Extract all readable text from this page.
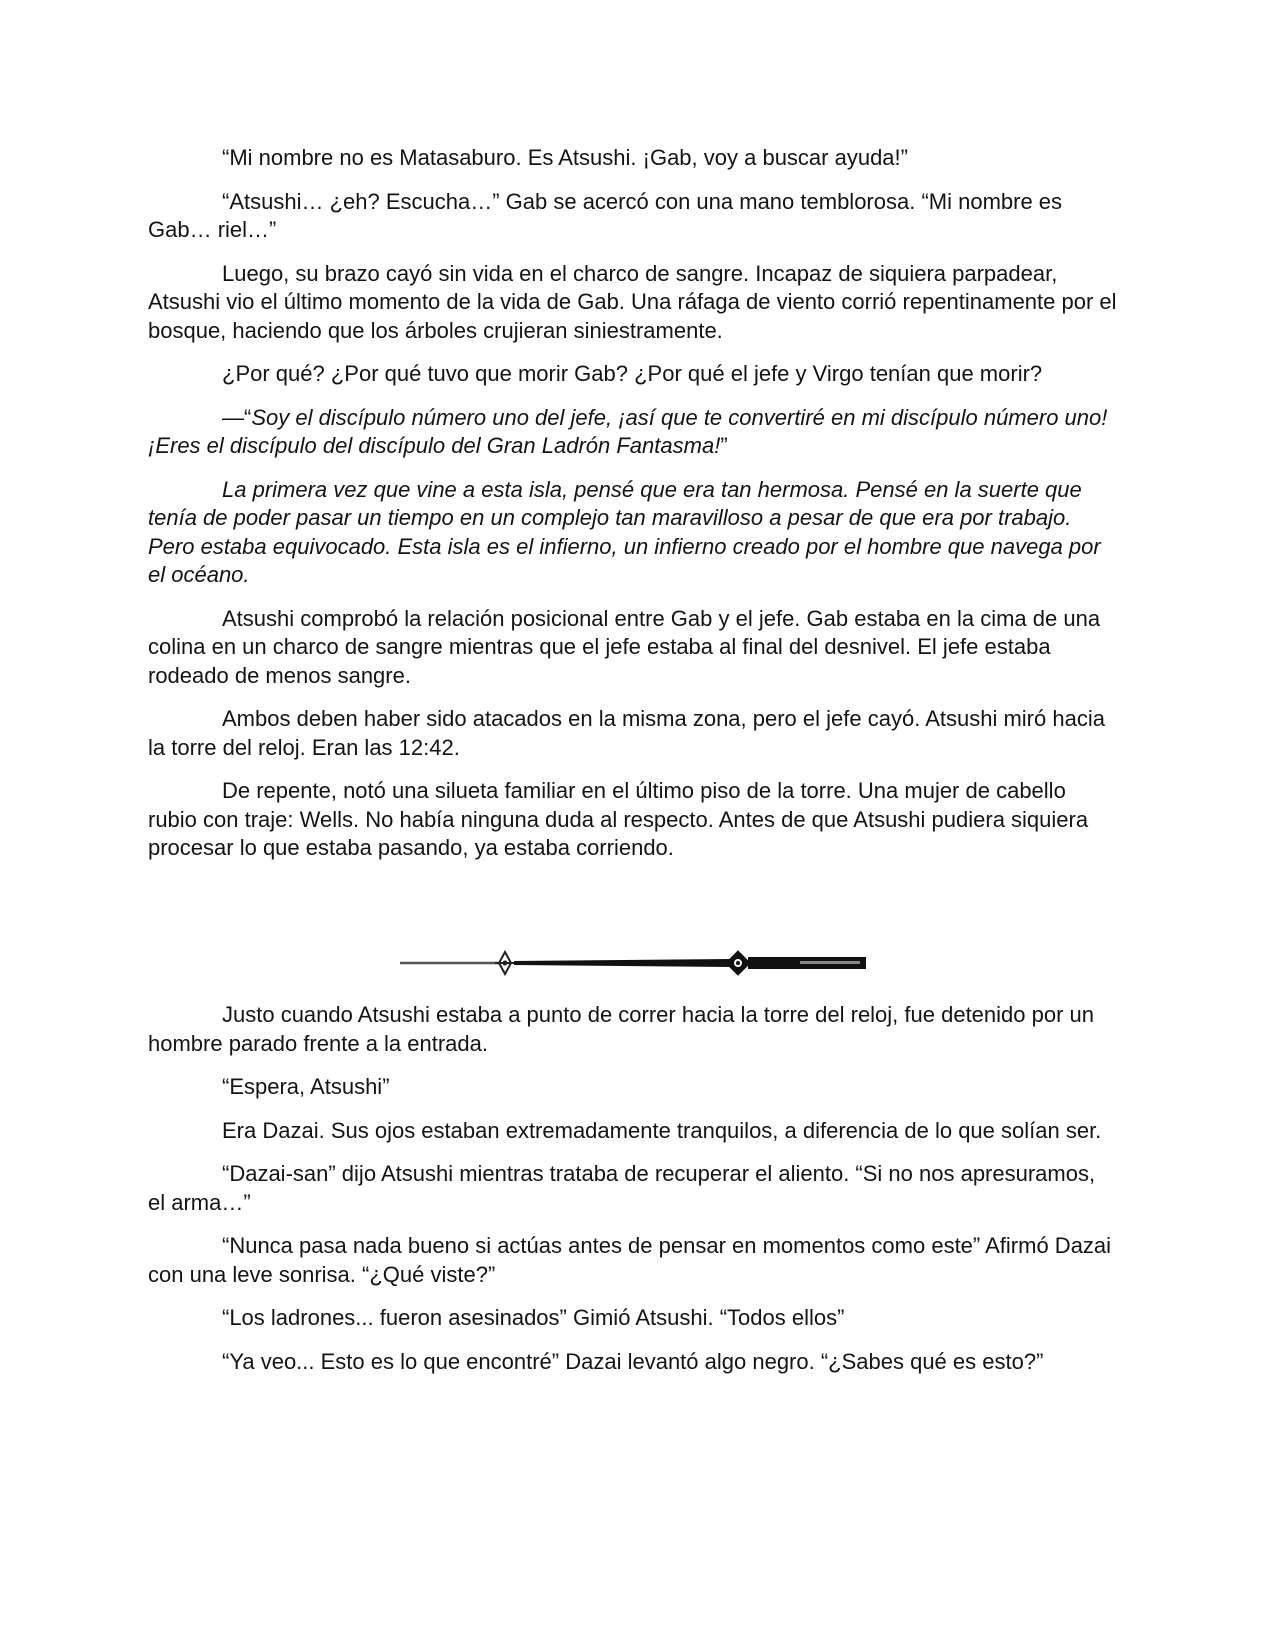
“Mi nombre no es Matasaburo. Es Atsushi. ¡Gab, voy a buscar ayuda!”

“Atsushi… ¿eh? Escucha…” Gab se acercó con una mano temblorosa. “Mi nombre es Gab… riel…”

Luego, su brazo cayó sin vida en el charco de sangre. Incapaz de siquiera parpadear, Atsushi vio el último momento de la vida de Gab. Una ráfaga de viento corrió repentinamente por el bosque, haciendo que los árboles crujieran siniestramente.

¿Por qué? ¿Por qué tuvo que morir Gab? ¿Por qué el jefe y Virgo tenían que morir?

—“Soy el discípulo número uno del jefe, ¡así que te convertiré en mi discípulo número uno! ¡Eres el discípulo del discípulo del Gran Ladrón Fantasma!”

La primera vez que vine a esta isla, pensé que era tan hermosa. Pensé en la suerte que tenía de poder pasar un tiempo en un complejo tan maravilloso a pesar de que era por trabajo. Pero estaba equivocado. Esta isla es el infierno, un infierno creado por el hombre que navega por el océano.

Atsushi comprobó la relación posicional entre Gab y el jefe. Gab estaba en la cima de una colina en un charco de sangre mientras que el jefe estaba al final del desnivel. El jefe estaba rodeado de menos sangre.

Ambos deben haber sido atacados en la misma zona, pero el jefe cayó. Atsushi miró hacia la torre del reloj. Eran las 12:42.

De repente, notó una silueta familiar en el último piso de la torre. Una mujer de cabello rubio con traje: Wells. No había ninguna duda al respecto. Antes de que Atsushi pudiera siquiera procesar lo que estaba pasando, ya estaba corriendo.

Justo cuando Atsushi estaba a punto de correr hacia la torre del reloj, fue detenido por un hombre parado frente a la entrada.

“Espera, Atsushi”

Era Dazai. Sus ojos estaban extremadamente tranquilos, a diferencia de lo que solían ser.

“Dazai-san” dijo Atsushi mientras trataba de recuperar el aliento. “Si no nos apresuramos, el arma…”

“Nunca pasa nada bueno si actúas antes de pensar en momentos como este” Afirmó Dazai con una leve sonrisa. “¿Qué viste?”

“Los ladrones... fueron asesinados” Gimió Atsushi. “Todos ellos”

“Ya veo... Esto es lo que encontré” Dazai levantó algo negro. “¿Sabes qué es esto?”
